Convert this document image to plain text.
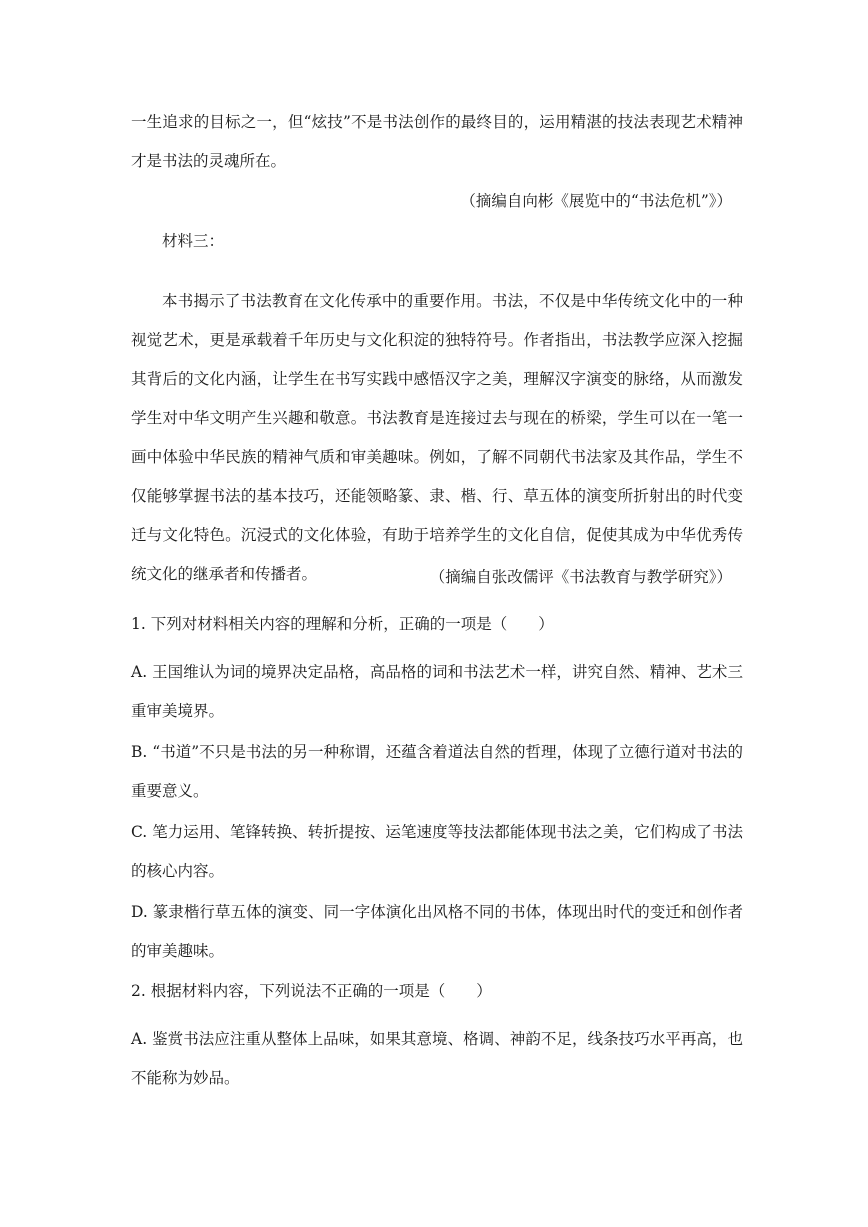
一生追求的目标之一，但“炫技”不是书法创作的最终目的，运用精湛的技法表现艺术精神才是书法的灵魂所在。

（摘编自向彬《展览中的“书法危机”》）

材料三：

本书揭示了书法教育在文化传承中的重要作用。书法，不仅是中华传统文化中的一种视觉艺术，更是承载着千年历史与文化积淀的独特符号。作者指出，书法教学应深入挖掘其背后的文化内涵，让学生在书写实践中感悟汉字之美，理解汉字演变的脉络，从而激发学生对中华文明产生兴趣和敬意。书法教育是连接过去与现在的桥梁，学生可以在一笔一画中体验中华民族的精神气质和审美趣味。例如，了解不同朝代书法家及其作品，学生不仅能够掌握书法的基本技巧，还能领略篆、隶、楷、行、草五体的演变所折射出的时代变迁与文化特色。沉浸式的文化体验，有助于培养学生的文化自信，促使其成为中华优秀传统文化的继承者和传播者。	（摘编自张改儒评《书法教育与教学研究》）

1. 下列对材料相关内容的理解和分析，正确的一项是（　　）

A. 王国维认为词的境界决定品格，高品格的词和书法艺术一样，讲究自然、精神、艺术三重审美境界。

B. “书道”不只是书法的另一种称谓，还蕴含着道法自然的哲理，体现了立德行道对书法的重要意义。

C. 笔力运用、笔锋转换、转折提按、运笔速度等技法都能体现书法之美，它们构成了书法的核心内容。

D. 篆隶楷行草五体的演变、同一字体演化出风格不同的书体，体现出时代的变迁和创作者的审美趣味。

2. 根据材料内容，下列说法不正确的一项是（　　）

A. 鉴赏书法应注重从整体上品味，如果其意境、格调、神韵不足，线条技巧水平再高，也不能称为妙品。
